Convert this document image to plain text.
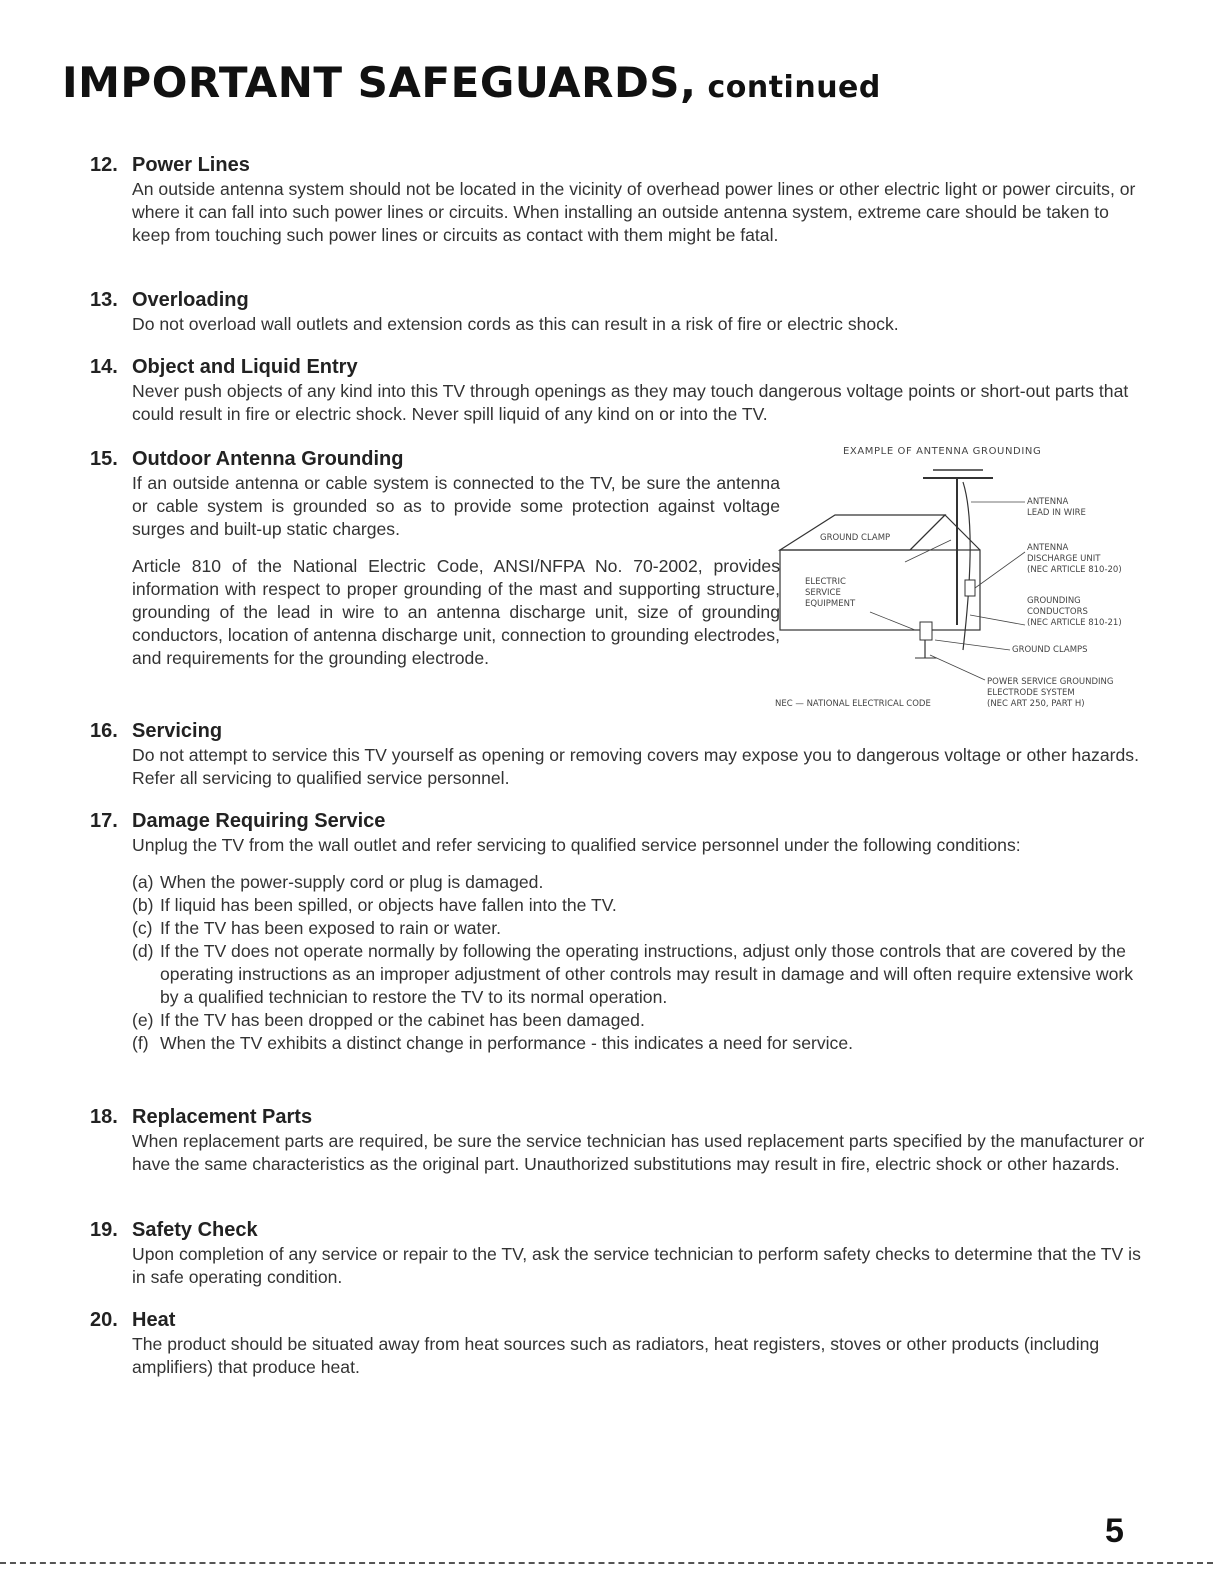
IMPORTANT SAFEGUARDS, continued
12. Power Lines

An outside antenna system should not be located in the vicinity of overhead power lines or other electric light or power circuits, or where it can fall into such power lines or circuits. When installing an outside antenna system, extreme care should be taken to keep from touching such power lines or circuits as contact with them might be fatal.

13. Overloading

Do not overload wall outlets and extension cords as this can result in a risk of fire or electric shock.

14. Object and Liquid Entry

Never push objects of any kind into this TV through openings as they may touch dangerous voltage points or short-out parts that could result in fire or electric shock. Never spill liquid of any kind on or into the TV.

15. Outdoor Antenna Grounding

If an outside antenna or cable system is connected to the TV, be sure the antenna or cable system is grounded so as to provide some protection against voltage surges and built-up static charges.

Article 810 of the National Electric Code, ANSI/NFPA No. 70-2002, provides information with respect to proper grounding of the mast and supporting structure, grounding of the lead in wire to an antenna discharge unit, size of grounding conductors, location of antenna discharge unit, connection to grounding electrodes, and requirements for the grounding electrode.

EXAMPLE OF ANTENNA GROUNDING
ANTENNA
LEAD IN WIRE
GROUND CLAMP
ANTENNA
DISCHARGE UNIT
(NEC ARTICLE 810-20)
ELECTRIC
SERVICE
EQUIPMENT	GROUNDING
CONDUCTORS
(NEC ARTICLE 810-21)
GROUND CLAMPS
POWER SERVICE GROUNDING
ELECTRODE SYSTEM
(NEC ART 250, PART H)
NEC — NATIONAL ELECTRICAL CODE
16. Servicing

Do not attempt to service this TV yourself as opening or removing covers may expose you to dangerous voltage or other hazards. Refer all servicing to qualified service personnel.

17. Damage Requiring Service

Unplug the TV from the wall outlet and refer servicing to qualified service personnel under the following conditions:

(a) When the power-supply cord or plug is damaged.
(b) If liquid has been spilled, or objects have fallen into the TV.
(c) If the TV has been exposed to rain or water.
(d) If the TV does not operate normally by following the operating instructions, adjust only those controls that are covered by the operating instructions as an improper adjustment of other controls may result in damage and will often require extensive work by a qualified technician to restore the TV to its normal operation.
(e) If the TV has been dropped or the cabinet has been damaged.
(f) When the TV exhibits a distinct change in performance - this indicates a need for service.
18. Replacement Parts

When replacement parts are required, be sure the service technician has used replacement parts specified by the manufacturer or have the same characteristics as the original part. Unauthorized substitutions may result in fire, electric shock or other hazards.

19. Safety Check

Upon completion of any service or repair to the TV, ask the service technician to perform safety checks to determine that the TV is in safe operating condition.

20. Heat

The product should be situated away from heat sources such as radiators, heat registers, stoves or other products (including amplifiers) that produce heat.

5
